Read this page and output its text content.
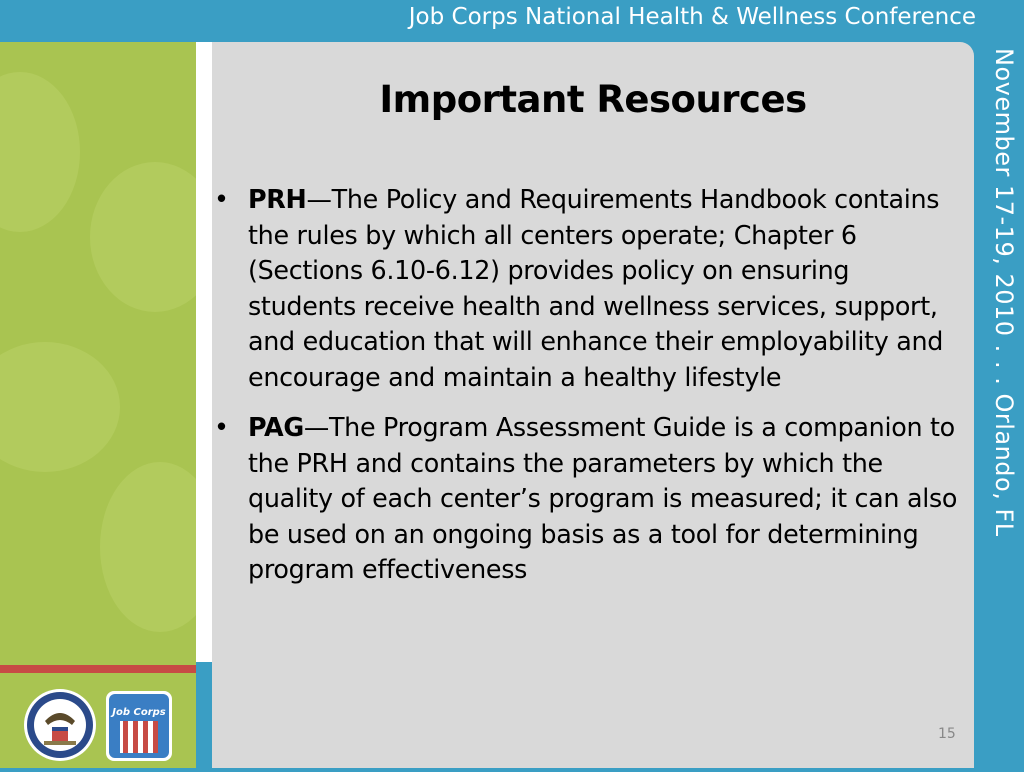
Job Corps National Health & Wellness Conference
Job Corps
Important Resources
• PRH—The Policy and Requirements Handbook contains the rules by which all centers operate; Chapter 6 (Sections 6.10-6.12) provides policy on ensuring students receive health and wellness services, support, and education that will enhance their employability and encourage and maintain a healthy lifestyle
• PAG—The Program Assessment Guide is a companion to the PRH and contains the parameters by which the quality of each center’s program is measured; it can also be used on an ongoing basis as a tool for determining program effectiveness
November 17-19, 2010 . . . Orlando, FL
15
